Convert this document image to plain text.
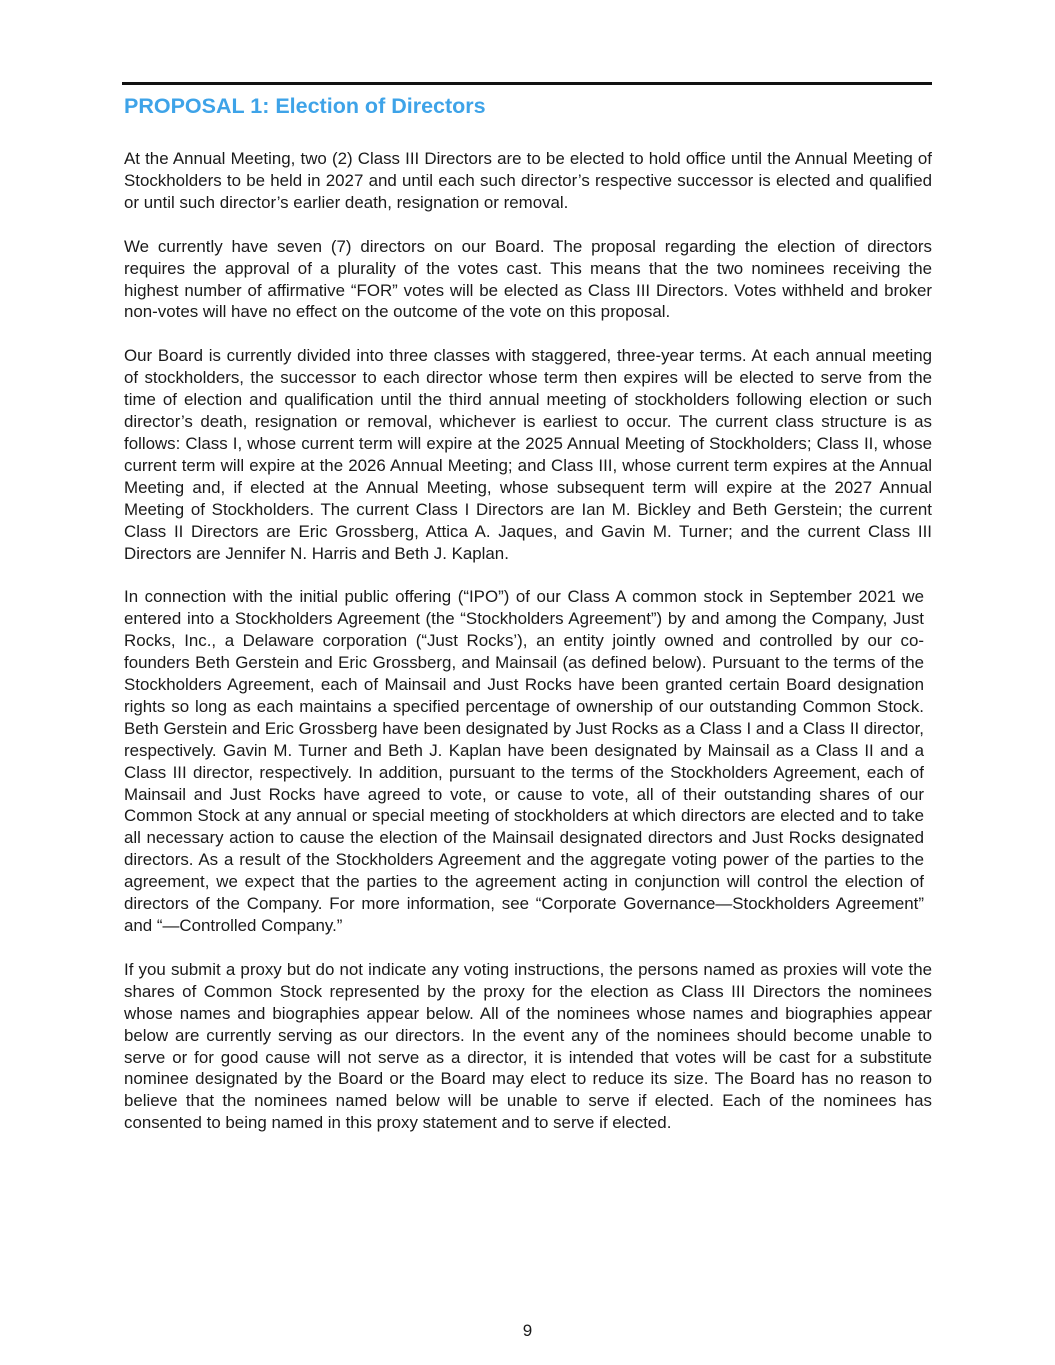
PROPOSAL 1: Election of Directors

At the Annual Meeting, two (2) Class III Directors are to be elected to hold office until the Annual Meeting of Stockholders to be held in 2027 and until each such director’s respective successor is elected and qualified or until such director’s earlier death, resignation or removal.

We currently have seven (7) directors on our Board. The proposal regarding the election of directors requires the approval of a plurality of the votes cast. This means that the two nominees receiving the highest number of affirmative “FOR” votes will be elected as Class III Directors. Votes withheld and broker non-votes will have no effect on the outcome of the vote on this proposal.

Our Board is currently divided into three classes with staggered, three-year terms. At each annual meeting of stockholders, the successor to each director whose term then expires will be elected to serve from the time of election and qualification until the third annual meeting of stockholders following election or such director’s death, resignation or removal, whichever is earliest to occur. The current class structure is as follows: Class I, whose current term will expire at the 2025 Annual Meeting of Stockholders; Class II, whose current term will expire at the 2026 Annual Meeting; and Class III, whose current term expires at the Annual Meeting and, if elected at the Annual Meeting, whose subsequent term will expire at the 2027 Annual Meeting of Stockholders. The current Class I Directors are Ian M. Bickley and Beth Gerstein; the current Class II Directors are Eric Grossberg, Attica A. Jaques, and Gavin M. Turner; and the current Class III Directors are Jennifer N. Harris and Beth J. Kaplan.

In connection with the initial public offering (“IPO”) of our Class A common stock in September 2021 we entered into a Stockholders Agreement (the “Stockholders Agreement”) by and among the Company, Just Rocks, Inc., a Delaware corporation (“Just Rocks’), an entity jointly owned and controlled by our co-founders Beth Gerstein and Eric Grossberg, and Mainsail (as defined below). Pursuant to the terms of the Stockholders Agreement, each of Mainsail and Just Rocks have been granted certain Board designation rights so long as each maintains a specified percentage of ownership of our outstanding Common Stock. Beth Gerstein and Eric Grossberg have been designated by Just Rocks as a Class I and a Class II director, respectively. Gavin M. Turner and Beth J. Kaplan have been designated by Mainsail as a Class II and a Class III director, respectively. In addition, pursuant to the terms of the Stockholders Agreement, each of Mainsail and Just Rocks have agreed to vote, or cause to vote, all of their outstanding shares of our Common Stock at any annual or special meeting of stockholders at which directors are elected and to take all necessary action to cause the election of the Mainsail designated directors and Just Rocks designated directors. As a result of the Stockholders Agreement and the aggregate voting power of the parties to the agreement, we expect that the parties to the agreement acting in conjunction will control the election of directors of the Company. For more information, see “Corporate Governance—Stockholders Agreement” and “—Controlled Company.”

If you submit a proxy but do not indicate any voting instructions, the persons named as proxies will vote the shares of Common Stock represented by the proxy for the election as Class III Directors the nominees whose names and biographies appear below. All of the nominees whose names and biographies appear below are currently serving as our directors. In the event any of the nominees should become unable to serve or for good cause will not serve as a director, it is intended that votes will be cast for a substitute nominee designated by the Board or the Board may elect to reduce its size. The Board has no reason to believe that the nominees named below will be unable to serve if elected. Each of the nominees has consented to being named in this proxy statement and to serve if elected.

9
